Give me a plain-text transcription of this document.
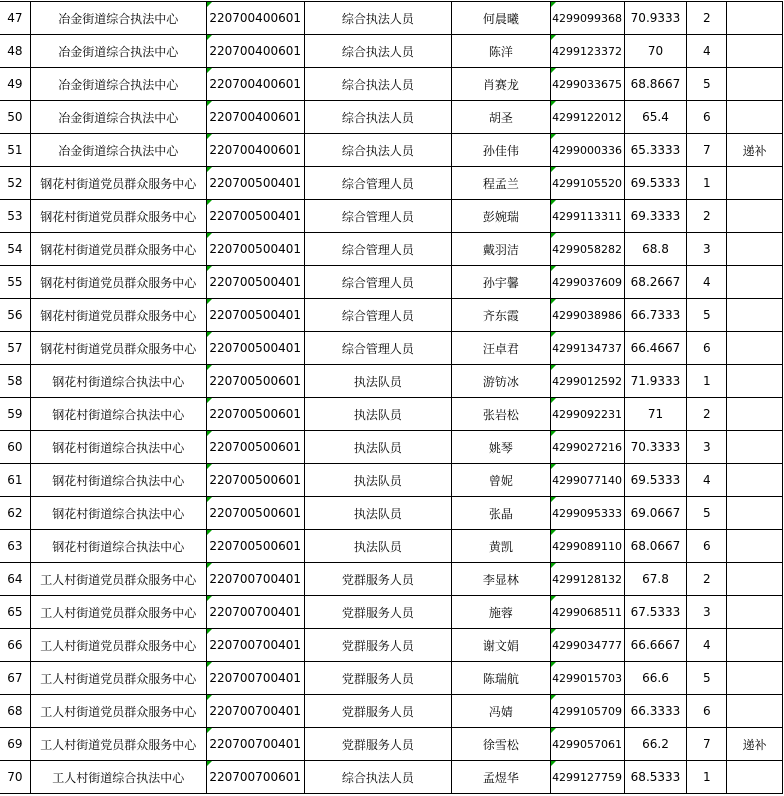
47	冶金街道综合执法中心	220700400601	综合执法人员	何晨曦	4299099368	70.9333	2	
48	冶金街道综合执法中心	220700400601	综合执法人员	陈洋	4299123372	70	4	
49	冶金街道综合执法中心	220700400601	综合执法人员	肖赛龙	4299033675	68.8667	5	
50	冶金街道综合执法中心	220700400601	综合执法人员	胡圣	4299122012	65.4	6	
51	冶金街道综合执法中心	220700400601	综合执法人员	孙佳伟	4299000336	65.3333	7	递补
52	钢花村街道党员群众服务中心	220700500401	综合管理人员	程孟兰	4299105520	69.5333	1	
53	钢花村街道党员群众服务中心	220700500401	综合管理人员	彭婉瑞	4299113311	69.3333	2	
54	钢花村街道党员群众服务中心	220700500401	综合管理人员	戴羽洁	4299058282	68.8	3	
55	钢花村街道党员群众服务中心	220700500401	综合管理人员	孙宇馨	4299037609	68.2667	4	
56	钢花村街道党员群众服务中心	220700500401	综合管理人员	齐东霞	4299038986	66.7333	5	
57	钢花村街道党员群众服务中心	220700500401	综合管理人员	汪卓君	4299134737	66.4667	6	
58	钢花村街道综合执法中心	220700500601	执法队员	游钫冰	4299012592	71.9333	1	
59	钢花村街道综合执法中心	220700500601	执法队员	张岩松	4299092231	71	2	
60	钢花村街道综合执法中心	220700500601	执法队员	姚琴	4299027216	70.3333	3	
61	钢花村街道综合执法中心	220700500601	执法队员	曾妮	4299077140	69.5333	4	
62	钢花村街道综合执法中心	220700500601	执法队员	张晶	4299095333	69.0667	5	
63	钢花村街道综合执法中心	220700500601	执法队员	黄凯	4299089110	68.0667	6	
64	工人村街道党员群众服务中心	220700700401	党群服务人员	李显林	4299128132	67.8	2	
65	工人村街道党员群众服务中心	220700700401	党群服务人员	施蓉	4299068511	67.5333	3	
66	工人村街道党员群众服务中心	220700700401	党群服务人员	谢文娟	4299034777	66.6667	4	
67	工人村街道党员群众服务中心	220700700401	党群服务人员	陈瑞航	4299015703	66.6	5	
68	工人村街道党员群众服务中心	220700700401	党群服务人员	冯婧	4299105709	66.3333	6	
69	工人村街道党员群众服务中心	220700700401	党群服务人员	徐雪松	4299057061	66.2	7	递补
70	工人村街道综合执法中心	220700700601	综合执法人员	孟煜华	4299127759	68.5333	1	
